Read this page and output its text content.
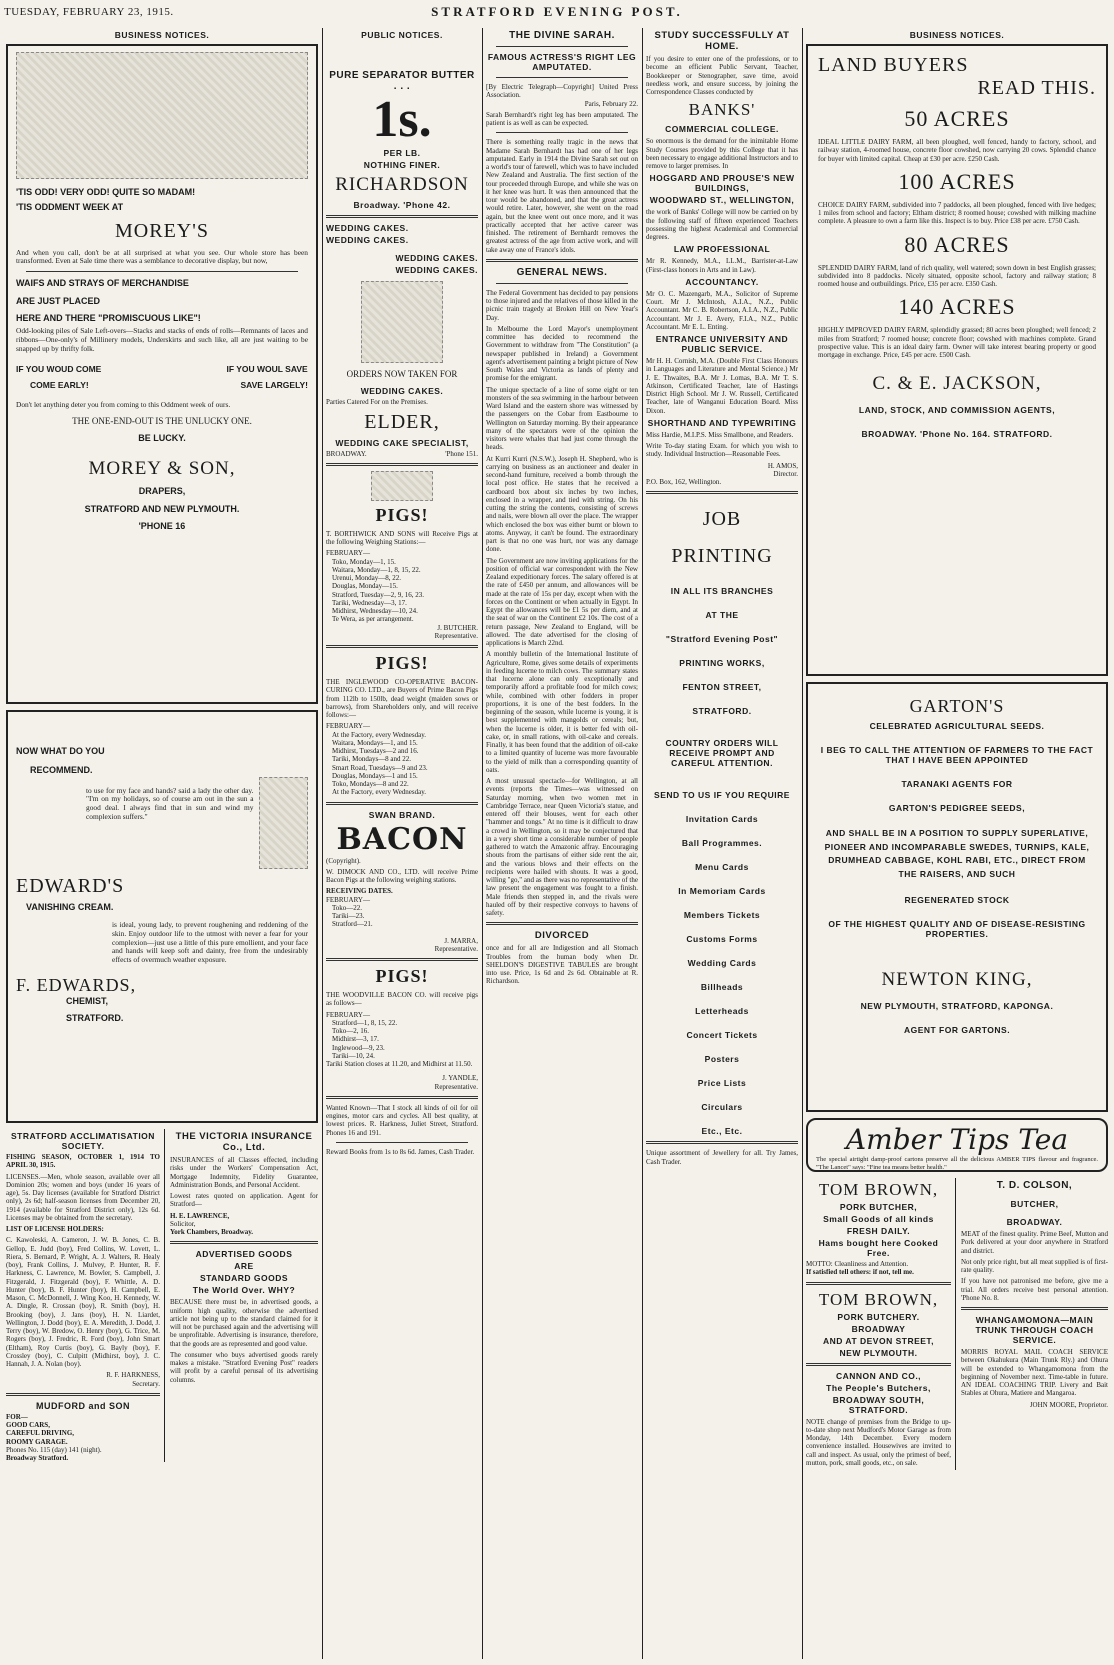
TUESDAY, FEBRUARY 23, 1915.	STRATFORD EVENING POST.
BUSINESS NOTICES.
'TIS ODD! VERY ODD! QUITE SO MADAM!
'TIS ODDMENT WEEK AT
MOREY'S
And when you call, don't be at all surprised at what you see. Our whole store has been transformed. Even at Sale time there was a semblance to decorative display, but now,
WAIFS AND STRAYS OF MERCHANDISE
ARE JUST PLACED
HERE AND THERE "PROMISCUOUS LIKE"!
Odd-looking piles of Sale Left-overs—Stacks and stacks of ends of rolls—Remnants of laces and ribbons—One-only's of Millinery models, Underskirts and such like, all are just waiting to be snapped up by thrifty folk.
IF YOU WOUD COME
COME EARLY!
IF YOU WOUL SAVE
SAVE LARGELY!
Don't let anything deter you from coming to this Oddment week of ours.
THE ONE-END-OUT IS THE UNLUCKY ONE.
BE LUCKY.
MOREY & SON,
DRAPERS,
STRATFORD AND NEW PLYMOUTH.
'PHONE 16
NOW WHAT DO YOU
RECOMMEND.
to use for my face and hands? said a lady the other day. "I'm on my holidays, so of course am out in the sun a good deal. I always find that in sun and wind my complexion suffers."
EDWARD'S
VANISHING CREAM.
is ideal, young lady, to prevent roughening and reddening of the skin. Enjoy outdoor life to the utmost with never a fear for your complexion—just use a little of this pure emollient, and your face and hands will keep soft and dainty, free from the undesirably effects of overmuch weather exposure.
F. EDWARDS,
CHEMIST,
STRATFORD.
STRATFORD ACCLIMATISATION SOCIETY.
FISHING SEASON, OCTOBER 1, 1914 TO APRIL 30, 1915.
LICENSES.—Men, whole season, available over all Dominion 20s; women and boys (under 16 years of age), 5s. Day licenses (available for Stratford District only), 2s 6d; half-season licenses from December 20, 1914 (available for Stratford District only), 12s 6d. Licenses may be obtained from the secretary.
LIST OF LICENSE HOLDERS:
C. Kawoleski, A. Cameron, J. W. B. Jones, C. B. Gellop, E. Judd (boy), Fred Collins, W. Lovett, L. Riera, S. Bernard, P. Wright, A. J. Walters, R. Healy (boy), Frank Collins, J. Mulvey, P. Hunter, R. F. Harkness, C. Lawrence, M. Bowler, S. Campbell, J. Fitzgerald, J. Fitzgerald (boy), F. Whittle, A. D. Hunter (boy), B. F. Hunter (boy), H. Campbell, E. Mason, C. McDonnell, J. Wing Koo, H. Kennedy, W. A. Dingle, R. Crossan (boy), R. Smith (boy), H. Brooking (boy), J. Jans (boy), H. N. Liardet, Wellington, J. Dodd (boy), E. A. Meredith, J. Dodd, J. Terry (boy), W. Bredow, O. Henry (boy), G. Trice, M. Rogers (boy), J. Fredric, R. Ford (boy), John Smart (Eltham), Roy Curtis (boy), G. Bayly (boy), F. Crossley (boy), C. Culpitt (Midhirst, boy), J. C. Hannah, J. A. Nolan (boy).
R. F. HARKNESS,
Secretary.
MUDFORD and SON
FOR—
GOOD CARS,
CAREFUL DRIVING,
ROOMY GARAGE.
Phones No. 115 (day) 141 (night).
Broadway Stratford.
THE VICTORIA INSURANCE Co., Ltd.
INSURANCES of all Classes effected, including risks under the Workers' Compensation Act, Mortgage Indemnity, Fidelity Guarantee, Administration Bonds, and Personal Accident.
Lowest rates quoted on application. Agent for Stratford—
H. E. LAWRENCE,
Solicitor,
York Chambers, Broadway.
ADVERTISED GOODS
ARE
STANDARD GOODS
The World Over. WHY?
BECAUSE there must be, in advertised goods, a uniform high quality, otherwise the advertised article not being up to the standard claimed for it will not be purchased again and the advertising will be unprofitable. Advertising is insurance, therefore, that the goods are as represented and good value.
The consumer who buys advertised goods rarely makes a mistake. "Stratford Evening Post" readers will profit by a careful perusal of its advertising columns.
PUBLIC NOTICES.
PURE SEPARATOR BUTTER . . .
1s.
PER LB.
NOTHING FINER.
RICHARDSON
Broadway. 'Phone 42.
WEDDING CAKES.
WEDDING CAKES.
WEDDING CAKES.
WEDDING CAKES.
ORDERS NOW TAKEN FOR
WEDDING CAKES.
Parties Catered For on the Premises.
ELDER,
WEDDING CAKE SPECIALIST,
BROADWAY.	'Phone 151.
PIGS!
T. BORTHWICK AND SONS will Receive Pigs at the following Weighing Stations:—
FEBRUARY—
Toko, Monday—1, 15.
Waitara, Monday—1, 8, 15, 22.
Urenui, Monday—8, 22.
Douglas, Monday—15.
Stratford, Tuesday—2, 9, 16, 23.
Tariki, Wednesday—3, 17.
Midhirst, Wednesday—10, 24.
Te Wera, as per arrangement.
J. BUTCHER.
Representative.
PIGS!
THE INGLEWOOD CO-OPERATIVE BACON-CURING CO. LTD., are Buyers of Prime Bacon Pigs from 112lb to 150lb, dead weight (maiden sows or barrows), from Shareholders only, and will receive follows:—
FEBRUARY—
At the Factory, every Wednesday.
Waitara, Mondays—1, and 15.
Midhirst, Tuesdays—2 and 16.
Tariki, Mondays—8 and 22.
Smart Road, Tuesdays—9 and 23.
Douglas, Mondays—1 and 15.
Toko, Mondays—8 and 22.
At the Factory, every Wednesday.
SWAN BRAND.
BACON
(Copyright).
W. DIMOCK AND CO., LTD. will receive Prime Bacon Pigs at the following weighing stations.
RECEIVING DATES.
FEBRUARY—
Toko—22.
Tariki—23.
Stratford—21.
J. MARRA,
Representative.
PIGS!
THE WOODVILLE BACON CO. will receive pigs as follows—
FEBRUARY—
Stratford—1, 8, 15, 22.
Toko—2, 16.
Midhirst—3, 17.
Inglewood—9, 23.
Tariki—10, 24.
Tariki Station closes at 11.20, and Midhirst at 11.50.
J. YANDLE,
Representative.
Wanted Known—That I stock all kinds of oil for oil engines, motor cars and cycles. All best quality, at lowest prices. R. Harkness, Juliet Street, Stratford. Phones 16 and 191.
Reward Books from 1s to 8s 6d. James, Cash Trader.
THE DIVINE SARAH.
FAMOUS ACTRESS'S RIGHT LEG AMPUTATED.
[By Electric Telegraph—Copyright] United Press Association.
Paris, February 22.
Sarah Bernhardt's right leg has been amputated. The patient is as well as can be expected.
There is something really tragic in the news that Madame Sarah Bernhardt has had one of her legs amputated. Early in 1914 the Divine Sarah set out on a world's tour of farewell, which was to have included New Zealand and Australia. The first section of the tour proceeded through Europe, and while she was on it her knee was hurt. It was then announced that the tour would be abandoned, and that the great actress would retire. Later, however, she went on the road again, but the knee went out once more, and it was practically accepted that her active career was finished. The retirement of Bernhardt removes the greatest actress of the age from active work, and will take away one of France's idols.
GENERAL NEWS.
The Federal Government has decided to pay pensions to those injured and the relatives of those killed in the picnic train tragedy at Broken Hill on New Year's Day.
In Melbourne the Lord Mayor's unemployment committee has decided to recommend the Government to withdraw from "The Constitution" (a newspaper published in Ireland) a Government agent's advertisement painting a bright picture of New South Wales and Victoria as lands of plenty and promise for the emigrant.
The unique spectacle of a line of some eight or ten monsters of the sea swimming in the harbour between Ward Island and the eastern shore was witnessed by the passengers on the Cobar from Eastbourne to Wellington on Saturday morning. By their appearance many of the spectators were of the opinion the visitors were whales that had just come through the heads.
At Kurri Kurri (N.S.W.), Joseph H. Shepherd, who is carrying on business as an auctioneer and dealer in second-hand furniture, received a bomb through the local post office. He states that he received a cardboard box about six inches by two inches, enclosed in a wrapper, and tied with string. On his cutting the string the contents, consisting of screws and nails, were blown all over the place. The wrapper which enclosed the box was either burnt or blown to atoms. Anyway, it can't be found. The extraordinary part is that no one was hurt, nor was any damage done.
The Government are now inviting applications for the position of official war correspondent with the New Zealand expeditionary forces. The salary offered is at the rate of £450 per annum, and allowances will be made at the rate of 15s per day, except when with the forces on the Continent or when actually in Egypt. In Egypt the allowances will be £1 5s per diem, and at the seat of war on the Continent £2 10s. The cost of a return passage, New Zealand to England, will be allowed. The date advertised for the closing of applications is March 22nd.
A monthly bulletin of the International Institute of Agriculture, Rome, gives some details of experiments in feeding lucerne to milch cows. The summary states that lucerne alone can only exceptionally and temporarily afford a profitable food for milch cows; while, combined with other fodders in proper proportions, it is one of the best fodders. In the beginning of the season, while lucerne is young, it is best supplemented with mangolds or cereals; but, when the lucerne is older, it is better fed with oil-cake, or, in small rations, with oil-cake and cereals. Finally, it has been found that the addition of oil-cake to a limited quantity of lucerne was more favourable to the yield of milk than a corresponding quantity of oats.
A most unusual spectacle—for Wellington, at all events (reports the Times—was witnessed on Saturday morning, when two women met in Cambridge Terrace, near Queen Victoria's statue, and entered off their blouses, went for each other "hammer and tongs." At no time is it difficult to draw a crowd in Wellington, so it may be conjectured that in a very short time a considerable number of people gathered to watch the Amazonic affray. Encouraging shouts from the partisans of either side rent the air, and the various blows and their effects on the recipients were hailed with shouts. It was a good, willing "go," and as there was no representative of the law present the engagement was fought to a finish. Male friends then stepped in, and the rivals were hauled off by their respective convoys to havens of safety.
DIVORCED
once and for all are Indigestion and all Stomach Troubles from the human body when Dr. SHELDON'S DIGESTIVE TABULES are brought into use. Price, 1s 6d and 2s 6d. Obtainable at R. Richardson.
STUDY SUCCESSFULLY AT HOME.
If you desire to enter one of the professions, or to become an efficient Public Servant, Teacher, Bookkeeper or Stenographer, save time, avoid needless work, and ensure success, by joining the Correspondence Classes conducted by
BANKS'
COMMERCIAL COLLEGE.
So enormous is the demand for the inimitable Home Study Courses provided by this College that it has been necessary to engage additional Instructors and to remove to larger premises. In
HOGGARD AND PROUSE'S NEW BUILDINGS,
WOODWARD ST., WELLINGTON,
the work of Banks' College will now be carried on by the following staff of fifteen experienced Teachers possessing the highest Academical and Commercial degrees.
LAW PROFESSIONAL
Mr R. Kennedy, M.A., LL.M., Barrister-at-Law (First-class honors in Arts and in Law).
ACCOUNTANCY.
Mr O. C. Mazengarb, M.A., Solicitor of Supreme Court. Mr J. McIntosh, A.I.A., N.Z., Public Accountant. Mr C. B. Robertson, A.I.A., N.Z., Public Accountant. Mr J. E. Avery, F.I.A., N.Z., Public Accountant. Mr E. L. Enting.
ENTRANCE UNIVERSITY AND PUBLIC SERVICE.
Mr H. H. Cornish, M.A. (Double First Class Honours in Languages and Literature and Mental Science.) Mr J. E. Thwaites, B.A. Mr J. Lomas, B.A. Mr T. S. Atkinson, Certificated Teacher, late of Hastings District High School. Mr J. W. Russell, Certificated Teacher, late of Wanganui Education Board. Miss Dixon.
SHORTHAND AND TYPEWRITING
Miss Hardie, M.I.P.S. Miss Smallbone, and Readers.
Write To-day stating Exam. for which you wish to study. Individual Instruction—Reasonable Fees.
H. AMOS,
Director.
P.O. Box, 162, Wellington.
JOB
PRINTING
IN ALL ITS BRANCHES
AT THE
"Stratford Evening Post"
PRINTING WORKS,
FENTON STREET,
STRATFORD.
COUNTRY ORDERS WILL RECEIVE PROMPT AND CAREFUL ATTENTION.
SEND TO US IF YOU REQUIRE
Invitation Cards
Ball Programmes.
Menu Cards
In Memoriam Cards
Members Tickets
Customs Forms
Wedding Cards
Billheads
Letterheads
Concert Tickets
Posters
Price Lists
Circulars
Etc., Etc.
Unique assortment of Jewellery for all. Try James, Cash Trader.
BUSINESS NOTICES.
LAND BUYERS
READ THIS.
50 ACRES
IDEAL LITTLE DAIRY FARM, all been ploughed, well fenced, handy to factory, school, and railway station, 4-roomed house, concrete floor cowshed, now carrying 20 cows. Splendid chance for buyer with limited capital. Cheap at £30 per acre. £250 Cash.
100 ACRES
CHOICE DAIRY FARM, subdivided into 7 paddocks, all been ploughed, fenced with live hedges; 1 miles from school and factory; Eltham district; 8 roomed house; cowshed with milking machine complete. A pleasure to own a farm like this. Inspect is to buy. Price £38 per acre. £750 Cash.
80 ACRES
SPLENDID DAIRY FARM, land of rich quality, well watered; sown down in best English grasses; subdivided into 8 paddocks. Nicely situated, opposite school, factory and railway station; 8 roomed house and outbuildings. Price, £35 per acre. £350 Cash.
140 ACRES
HIGHLY IMPROVED DAIRY FARM, splendidly grassed; 80 acres been ploughed; well fenced; 2 miles from Stratford; 7 roomed house; concrete floor; cowshed with machines complete. Grand prospective value. This is an ideal dairy farm. Owner will take interest bearing property or good mortgage in exchange. Price, £45 per acre. £500 Cash.
C. & E. JACKSON,
LAND, STOCK, AND COMMISSION AGENTS,
BROADWAY. 'Phone No. 164. STRATFORD.
GARTON'S
CELEBRATED AGRICULTURAL SEEDS.
I BEG TO CALL THE ATTENTION OF FARMERS TO THE FACT THAT I HAVE BEEN APPOINTED
TARANAKI AGENTS FOR
GARTON'S PEDIGREE SEEDS,
AND SHALL BE IN A POSITION TO SUPPLY SUPERLATIVE, PIONEER AND INCOMPARABLE SWEDES, TURNIPS, KALE, DRUMHEAD CABBAGE, KOHL RABI, ETC., DIRECT FROM THE RAISERS, AND SUCH
REGENERATED STOCK
OF THE HIGHEST QUALITY AND OF DISEASE-RESISTING PROPERTIES.
NEWTON KING,
NEW PLYMOUTH, STRATFORD, KAPONGA.
AGENT FOR GARTONS.
Amber Tips Tea
The special airtight damp-proof cartons preserve all the delicious AMBER TIPS flavour and fragrance. "The Lancet" says: "Fine tea means better health."
TOM BROWN,
PORK BUTCHER,
Small Goods of all kinds
FRESH DAILY.
Hams bought here Cooked Free.
MOTTO: Cleanliness and Attention.
If satisfied tell others: if not, tell me.
TOM BROWN,
PORK BUTCHERY.
BROADWAY
AND AT DEVON STREET,
NEW PLYMOUTH.
CANNON AND CO.,
The People's Butchers,
BROADWAY SOUTH, STRATFORD.
NOTE change of premises from the Bridge to up-to-date shop next Mudford's Motor Garage as from Monday, 14th December. Every modern convenience installed. Housewives are invited to call and inspect. As usual, only the primest of beef, mutton, pork, small goods, etc., on sale.
T. D. COLSON,
BUTCHER,
BROADWAY.
MEAT of the finest quality. Prime Beef, Mutton and Pork delivered at your door anywhere in Stratford and district.
Not only price right, but all meat supplied is of first-rate quality.
If you have not patronised me before, give me a trial. All orders receive best personal attention. 'Phone No. 8.
WHANGAMOMONA—MAIN TRUNK THROUGH COACH SERVICE.
MORRIS ROYAL MAIL COACH SERVICE between Okahukura (Main Trunk Rly.) and Ohura will be extended to Whangamomona from the beginning of November next. Time-table in future. AN IDEAL COACHING TRIP. Livery and Bait Stables at Ohura, Matiere and Mangaroa.
JOHN MOORE, Proprietor.
